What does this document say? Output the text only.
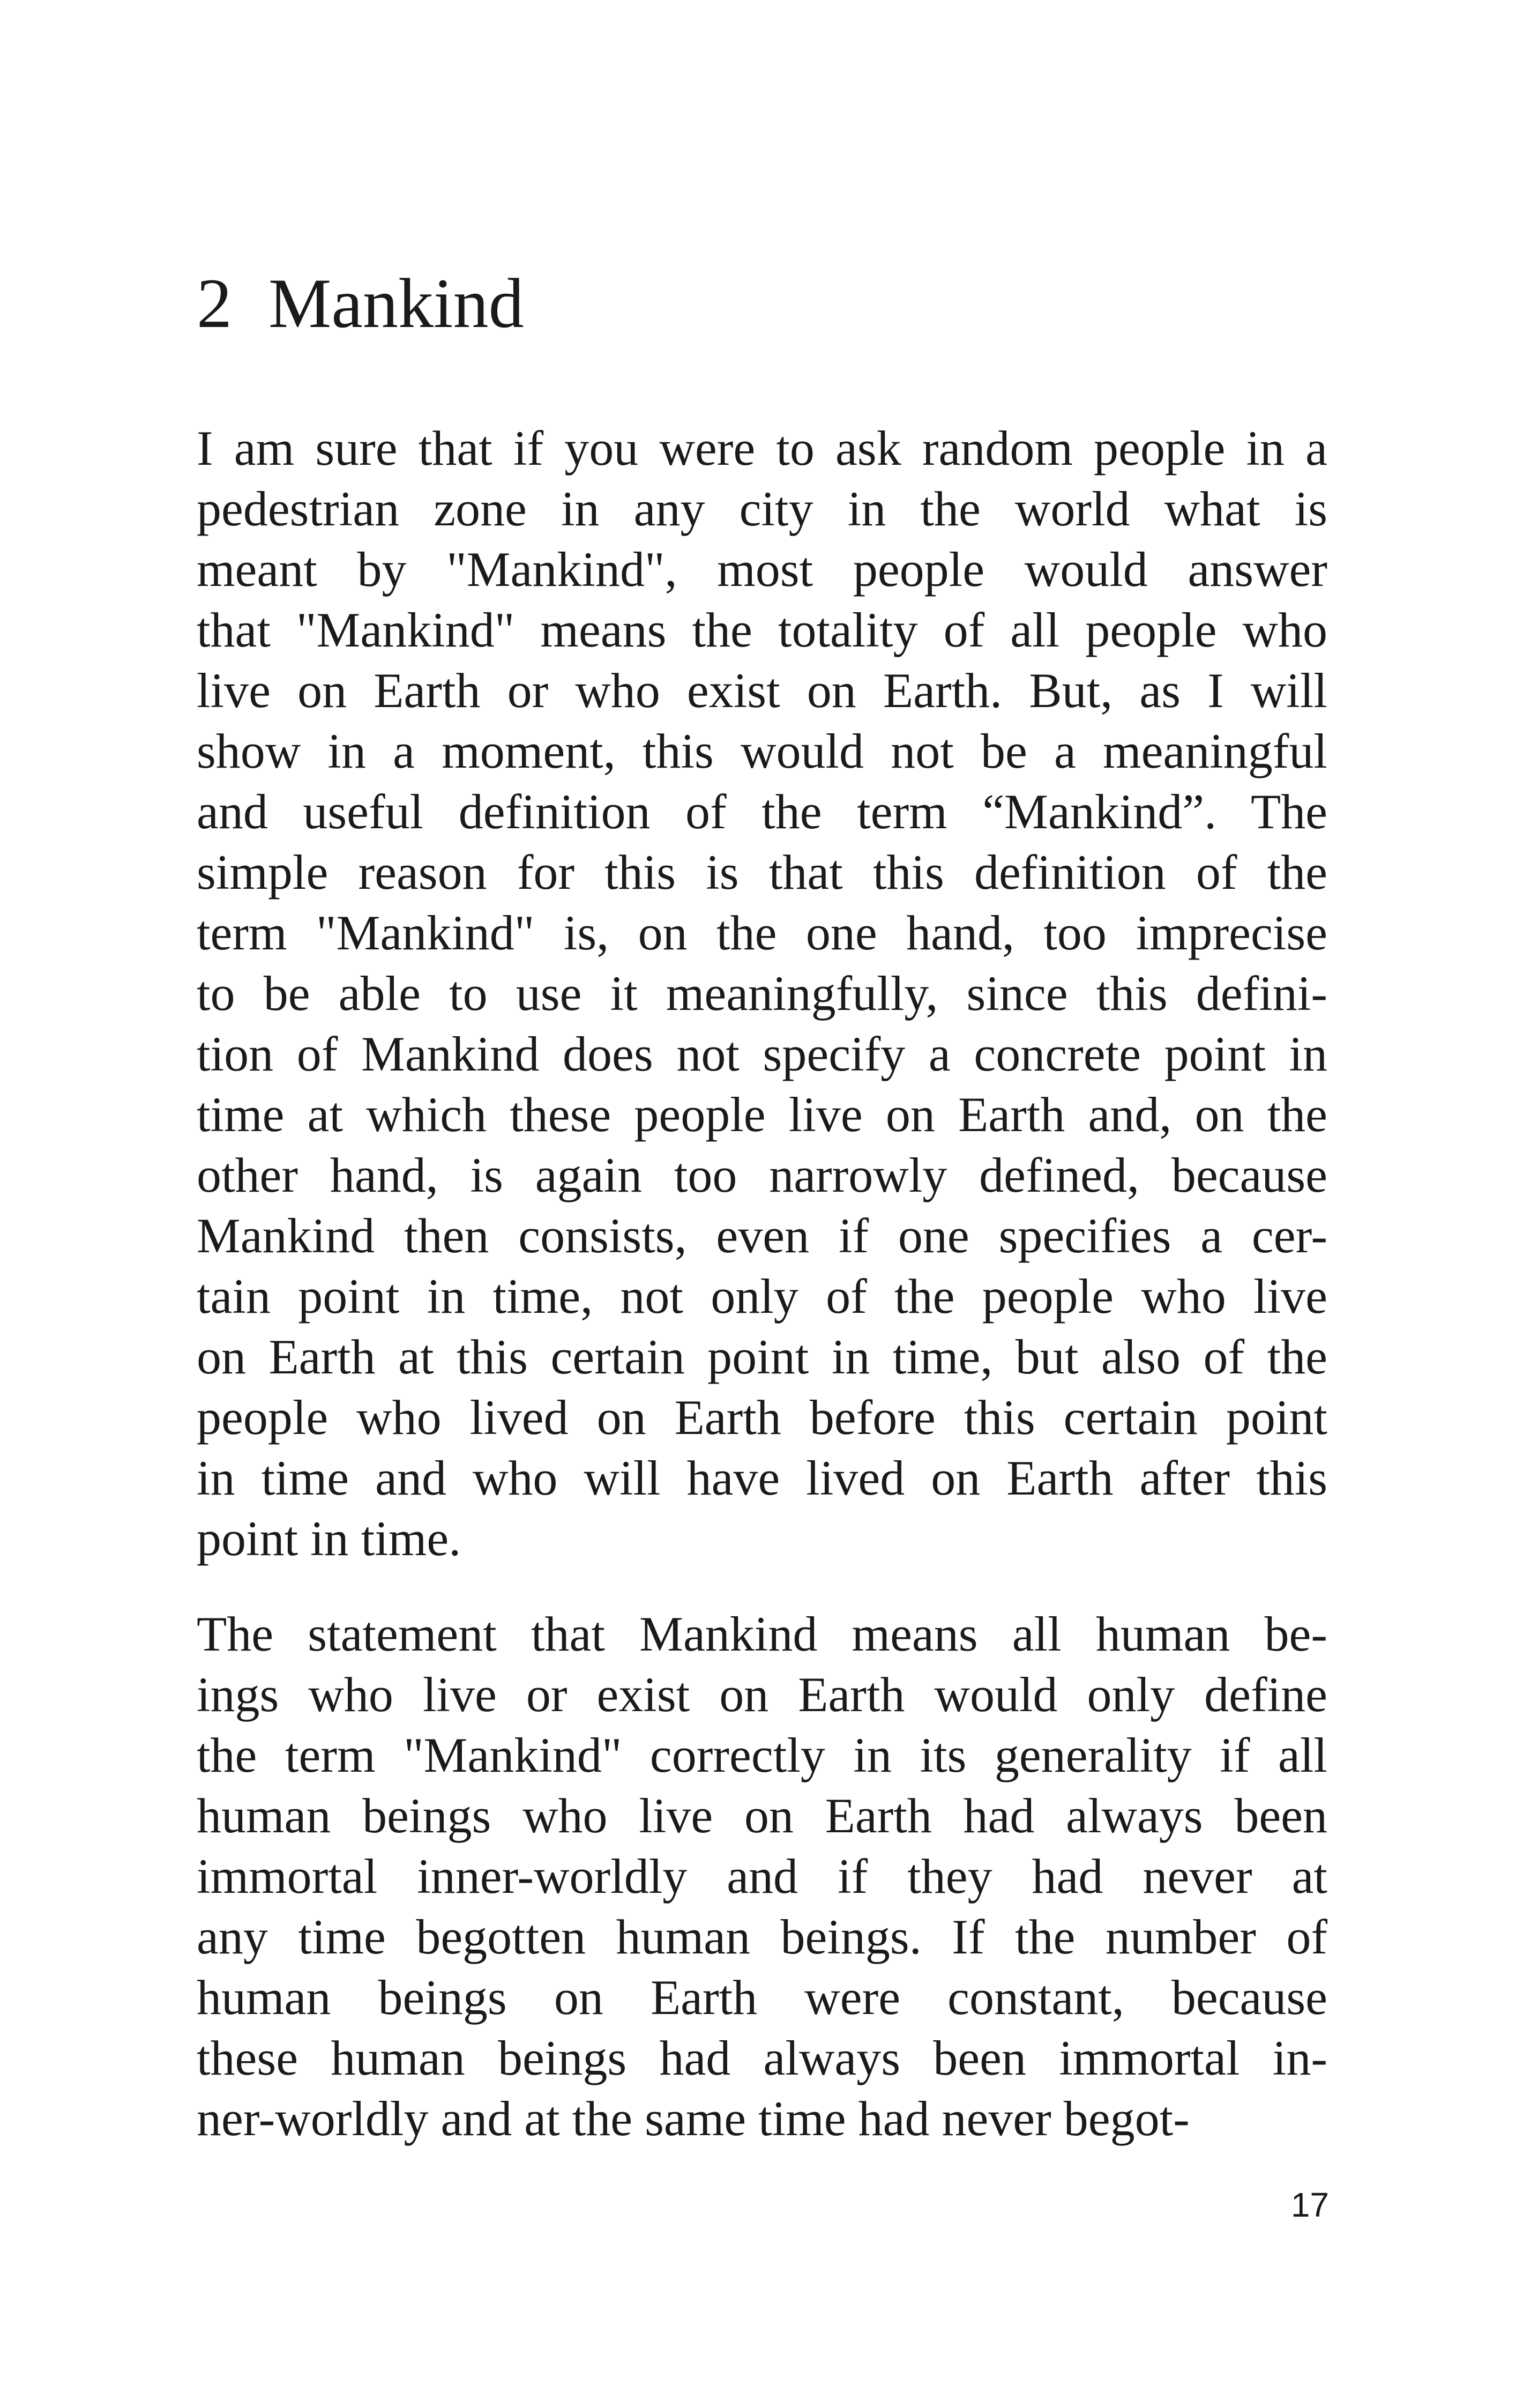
2 Mankind
I am sure that if you were to ask random people in a
pedestrian zone in any city in the world what is
meant by "Mankind", most people would answer
that "Mankind" means the totality of all people who
live on Earth or who exist on Earth. But, as I will
show in a moment, this would not be a meaningful
and useful definition of the term “Mankind”. The
simple reason for this is that this definition of the
term "Mankind" is, on the one hand, too imprecise
to be able to use it meaningfully, since this defini-
tion of Mankind does not specify a concrete point in
time at which these people live on Earth and, on the
other hand, is again too narrowly defined, because
Mankind then consists, even if one specifies a cer-
tain point in time, not only of the people who live
on Earth at this certain point in time, but also of the
people who lived on Earth before this certain point
in time and who will have lived on Earth after this
point in time.
The statement that Mankind means all human be-
ings who live or exist on Earth would only define
the term "Mankind" correctly in its generality if all
human beings who live on Earth had always been
immortal inner-worldly and if they had never at
any time begotten human beings. If the number of
human beings on Earth were constant, because
these human beings had always been immortal in-
ner-worldly and at the same time had never begot-
17
